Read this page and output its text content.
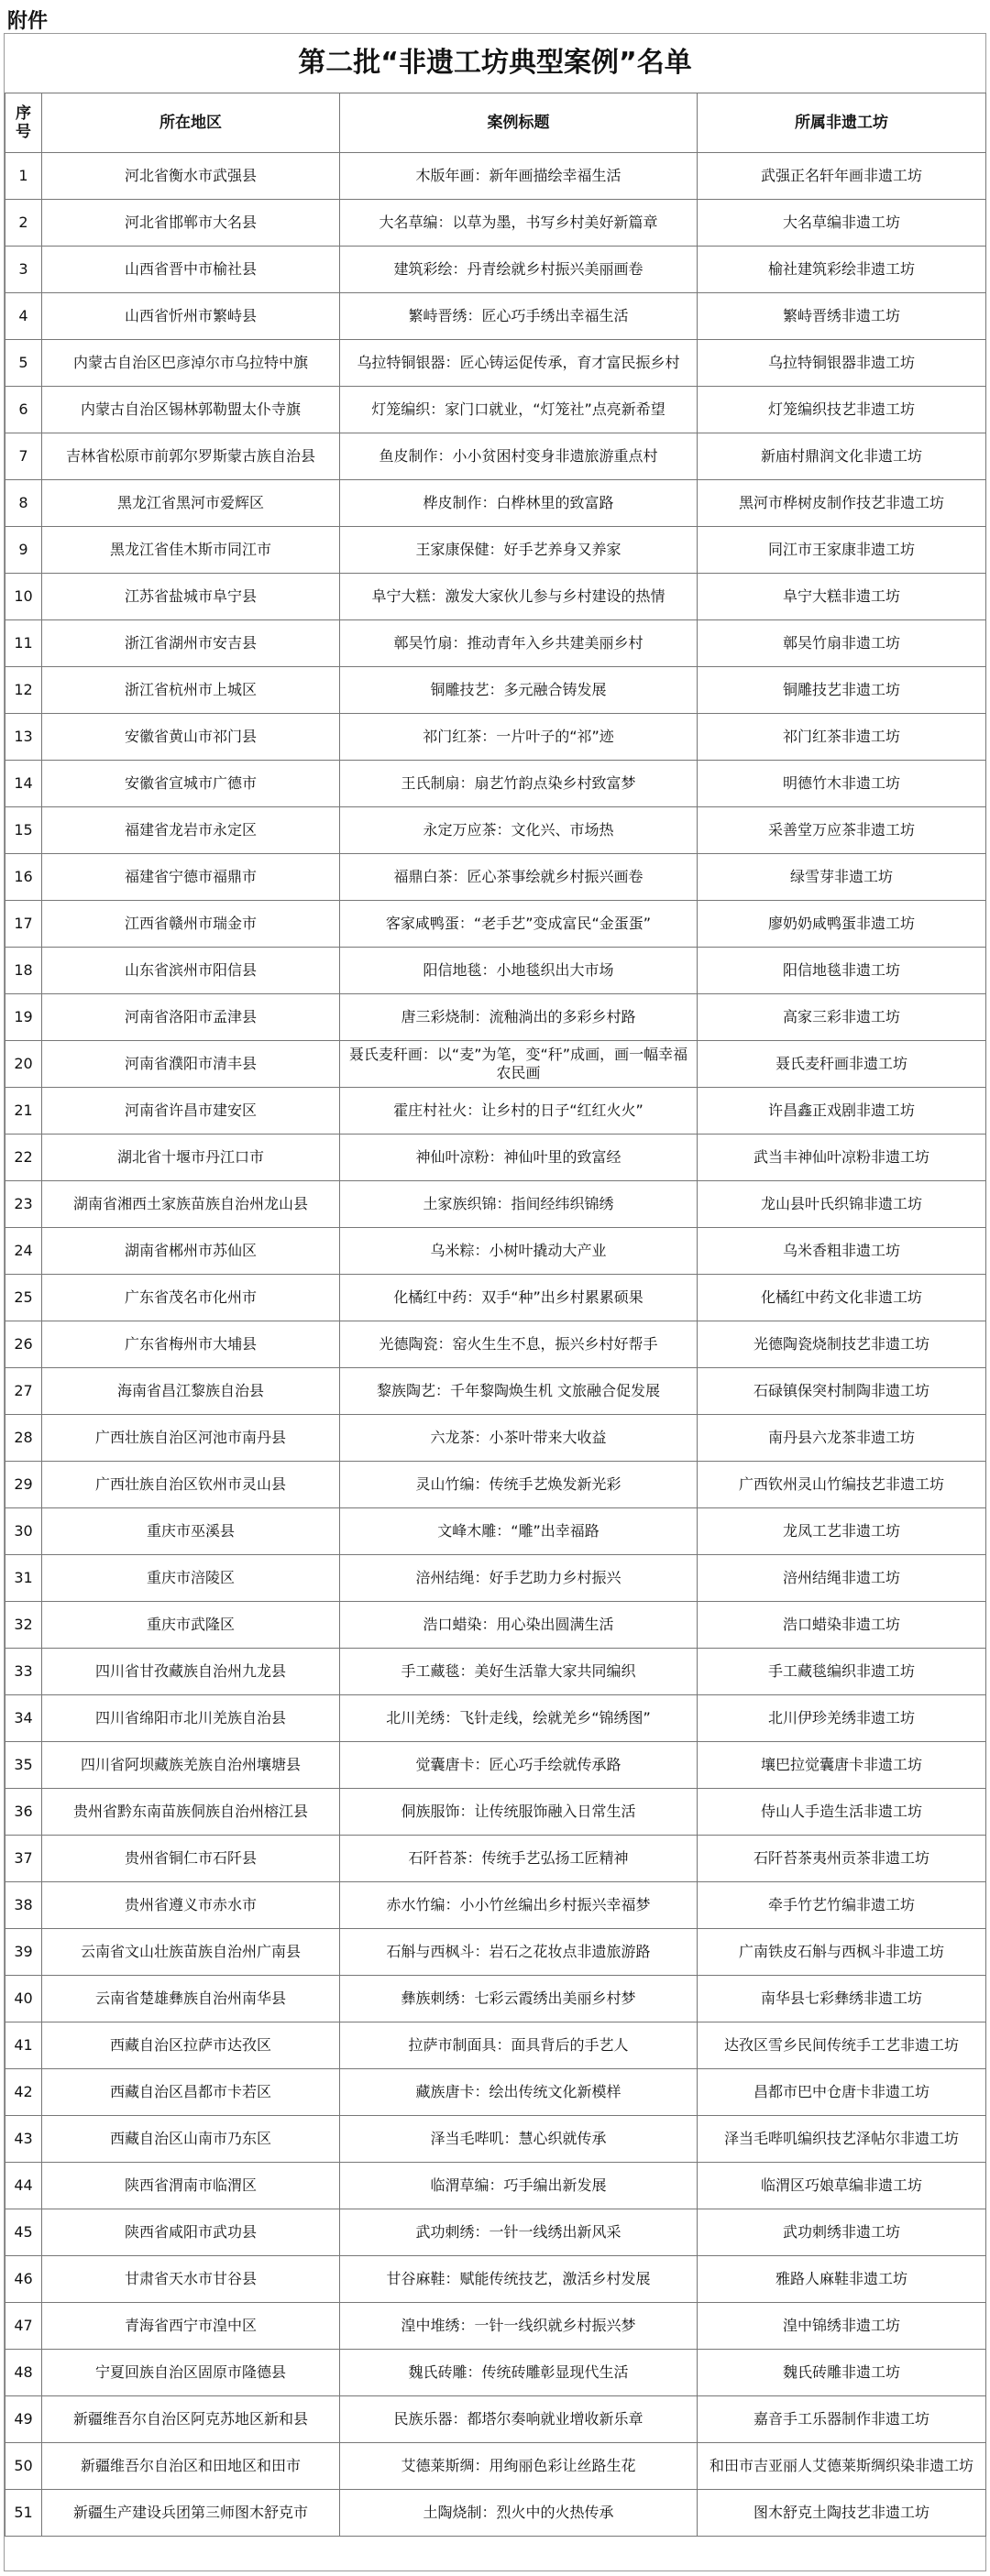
附件
第二批“非遗工坊典型案例”名单
序号	所在地区	案例标题	所属非遗工坊
1	河北省衡水市武强县	木版年画：新年画描绘幸福生活	武强正名轩年画非遗工坊
2	河北省邯郸市大名县	大名草编：以草为墨，书写乡村美好新篇章	大名草编非遗工坊
3	山西省晋中市榆社县	建筑彩绘：丹青绘就乡村振兴美丽画卷	榆社建筑彩绘非遗工坊
4	山西省忻州市繁峙县	繁峙晋绣：匠心巧手绣出幸福生活	繁峙晋绣非遗工坊
5	内蒙古自治区巴彦淖尔市乌拉特中旗	乌拉特铜银器：匠心铸运促传承，育才富民振乡村	乌拉特铜银器非遗工坊
6	内蒙古自治区锡林郭勒盟太仆寺旗	灯笼编织：家门口就业，“灯笼社”点亮新希望	灯笼编织技艺非遗工坊
7	吉林省松原市前郭尔罗斯蒙古族自治县	鱼皮制作：小小贫困村变身非遗旅游重点村	新庙村鼎润文化非遗工坊
8	黑龙江省黑河市爱辉区	桦皮制作：白桦林里的致富路	黑河市桦树皮制作技艺非遗工坊
9	黑龙江省佳木斯市同江市	王家康保健：好手艺养身又养家	同江市王家康非遗工坊
10	江苏省盐城市阜宁县	阜宁大糕：激发大家伙儿参与乡村建设的热情	阜宁大糕非遗工坊
11	浙江省湖州市安吉县	鄣吴竹扇：推动青年入乡共建美丽乡村	鄣吴竹扇非遗工坊
12	浙江省杭州市上城区	铜雕技艺：多元融合铸发展	铜雕技艺非遗工坊
13	安徽省黄山市祁门县	祁门红茶：一片叶子的“祁”迹	祁门红茶非遗工坊
14	安徽省宣城市广德市	王氏制扇：扇艺竹韵点染乡村致富梦	明德竹木非遗工坊
15	福建省龙岩市永定区	永定万应茶：文化兴、市场热	采善堂万应茶非遗工坊
16	福建省宁德市福鼎市	福鼎白茶：匠心茶事绘就乡村振兴画卷	绿雪芽非遗工坊
17	江西省赣州市瑞金市	客家咸鸭蛋：“老手艺”变成富民“金蛋蛋”	廖奶奶咸鸭蛋非遗工坊
18	山东省滨州市阳信县	阳信地毯：小地毯织出大市场	阳信地毯非遗工坊
19	河南省洛阳市孟津县	唐三彩烧制：流釉淌出的多彩乡村路	高家三彩非遗工坊
20	河南省濮阳市清丰县	聂氏麦秆画：以“麦”为笔，变“秆”成画，画一幅幸福农民画	聂氏麦秆画非遗工坊
21	河南省许昌市建安区	霍庄村社火：让乡村的日子“红红火火”	许昌鑫正戏剧非遗工坊
22	湖北省十堰市丹江口市	神仙叶凉粉：神仙叶里的致富经	武当丰神仙叶凉粉非遗工坊
23	湖南省湘西土家族苗族自治州龙山县	土家族织锦：指间经纬织锦绣	龙山县叶氏织锦非遗工坊
24	湖南省郴州市苏仙区	乌米粽：小树叶撬动大产业	乌米香粗非遗工坊
25	广东省茂名市化州市	化橘红中药：双手“种”出乡村累累硕果	化橘红中药文化非遗工坊
26	广东省梅州市大埔县	光德陶瓷：窑火生生不息，振兴乡村好帮手	光德陶瓷烧制技艺非遗工坊
27	海南省昌江黎族自治县	黎族陶艺：千年黎陶焕生机 文旅融合促发展	石碌镇保突村制陶非遗工坊
28	广西壮族自治区河池市南丹县	六龙茶：小茶叶带来大收益	南丹县六龙茶非遗工坊
29	广西壮族自治区钦州市灵山县	灵山竹编：传统手艺焕发新光彩	广西钦州灵山竹编技艺非遗工坊
30	重庆市巫溪县	文峰木雕：“雕”出幸福路	龙凤工艺非遗工坊
31	重庆市涪陵区	涪州结绳：好手艺助力乡村振兴	涪州结绳非遗工坊
32	重庆市武隆区	浩口蜡染：用心染出圆满生活	浩口蜡染非遗工坊
33	四川省甘孜藏族自治州九龙县	手工藏毯：美好生活靠大家共同编织	手工藏毯编织非遗工坊
34	四川省绵阳市北川羌族自治县	北川羌绣：飞针走线，绘就羌乡“锦绣图”	北川伊珍羌绣非遗工坊
35	四川省阿坝藏族羌族自治州壤塘县	觉囊唐卡：匠心巧手绘就传承路	壤巴拉觉囊唐卡非遗工坊
36	贵州省黔东南苗族侗族自治州榕江县	侗族服饰：让传统服饰融入日常生活	侍山人手造生活非遗工坊
37	贵州省铜仁市石阡县	石阡苔茶：传统手艺弘扬工匠精神	石阡苔茶夷州贡茶非遗工坊
38	贵州省遵义市赤水市	赤水竹编：小小竹丝编出乡村振兴幸福梦	牵手竹艺竹编非遗工坊
39	云南省文山壮族苗族自治州广南县	石斛与西枫斗：岩石之花妆点非遗旅游路	广南铁皮石斛与西枫斗非遗工坊
40	云南省楚雄彝族自治州南华县	彝族刺绣：七彩云霞绣出美丽乡村梦	南华县七彩彝绣非遗工坊
41	西藏自治区拉萨市达孜区	拉萨市制面具：面具背后的手艺人	达孜区雪乡民间传统手工艺非遗工坊
42	西藏自治区昌都市卡若区	藏族唐卡：绘出传统文化新模样	昌都市巴中仓唐卡非遗工坊
43	西藏自治区山南市乃东区	泽当毛哔叽：慧心织就传承	泽当毛哔叽编织技艺泽帖尔非遗工坊
44	陕西省渭南市临渭区	临渭草编：巧手编出新发展	临渭区巧娘草编非遗工坊
45	陕西省咸阳市武功县	武功刺绣：一针一线绣出新风采	武功刺绣非遗工坊
46	甘肃省天水市甘谷县	甘谷麻鞋：赋能传统技艺，激活乡村发展	雅路人麻鞋非遗工坊
47	青海省西宁市湟中区	湟中堆绣：一针一线织就乡村振兴梦	湟中锦绣非遗工坊
48	宁夏回族自治区固原市隆德县	魏氏砖雕：传统砖雕彰显现代生活	魏氏砖雕非遗工坊
49	新疆维吾尔自治区阿克苏地区新和县	民族乐器：都塔尔奏响就业增收新乐章	嘉音手工乐器制作非遗工坊
50	新疆维吾尔自治区和田地区和田市	艾德莱斯绸：用绚丽色彩让丝路生花	和田市吉亚丽人艾德莱斯绸织染非遗工坊
51	新疆生产建设兵团第三师图木舒克市	土陶烧制：烈火中的火热传承	图木舒克土陶技艺非遗工坊
